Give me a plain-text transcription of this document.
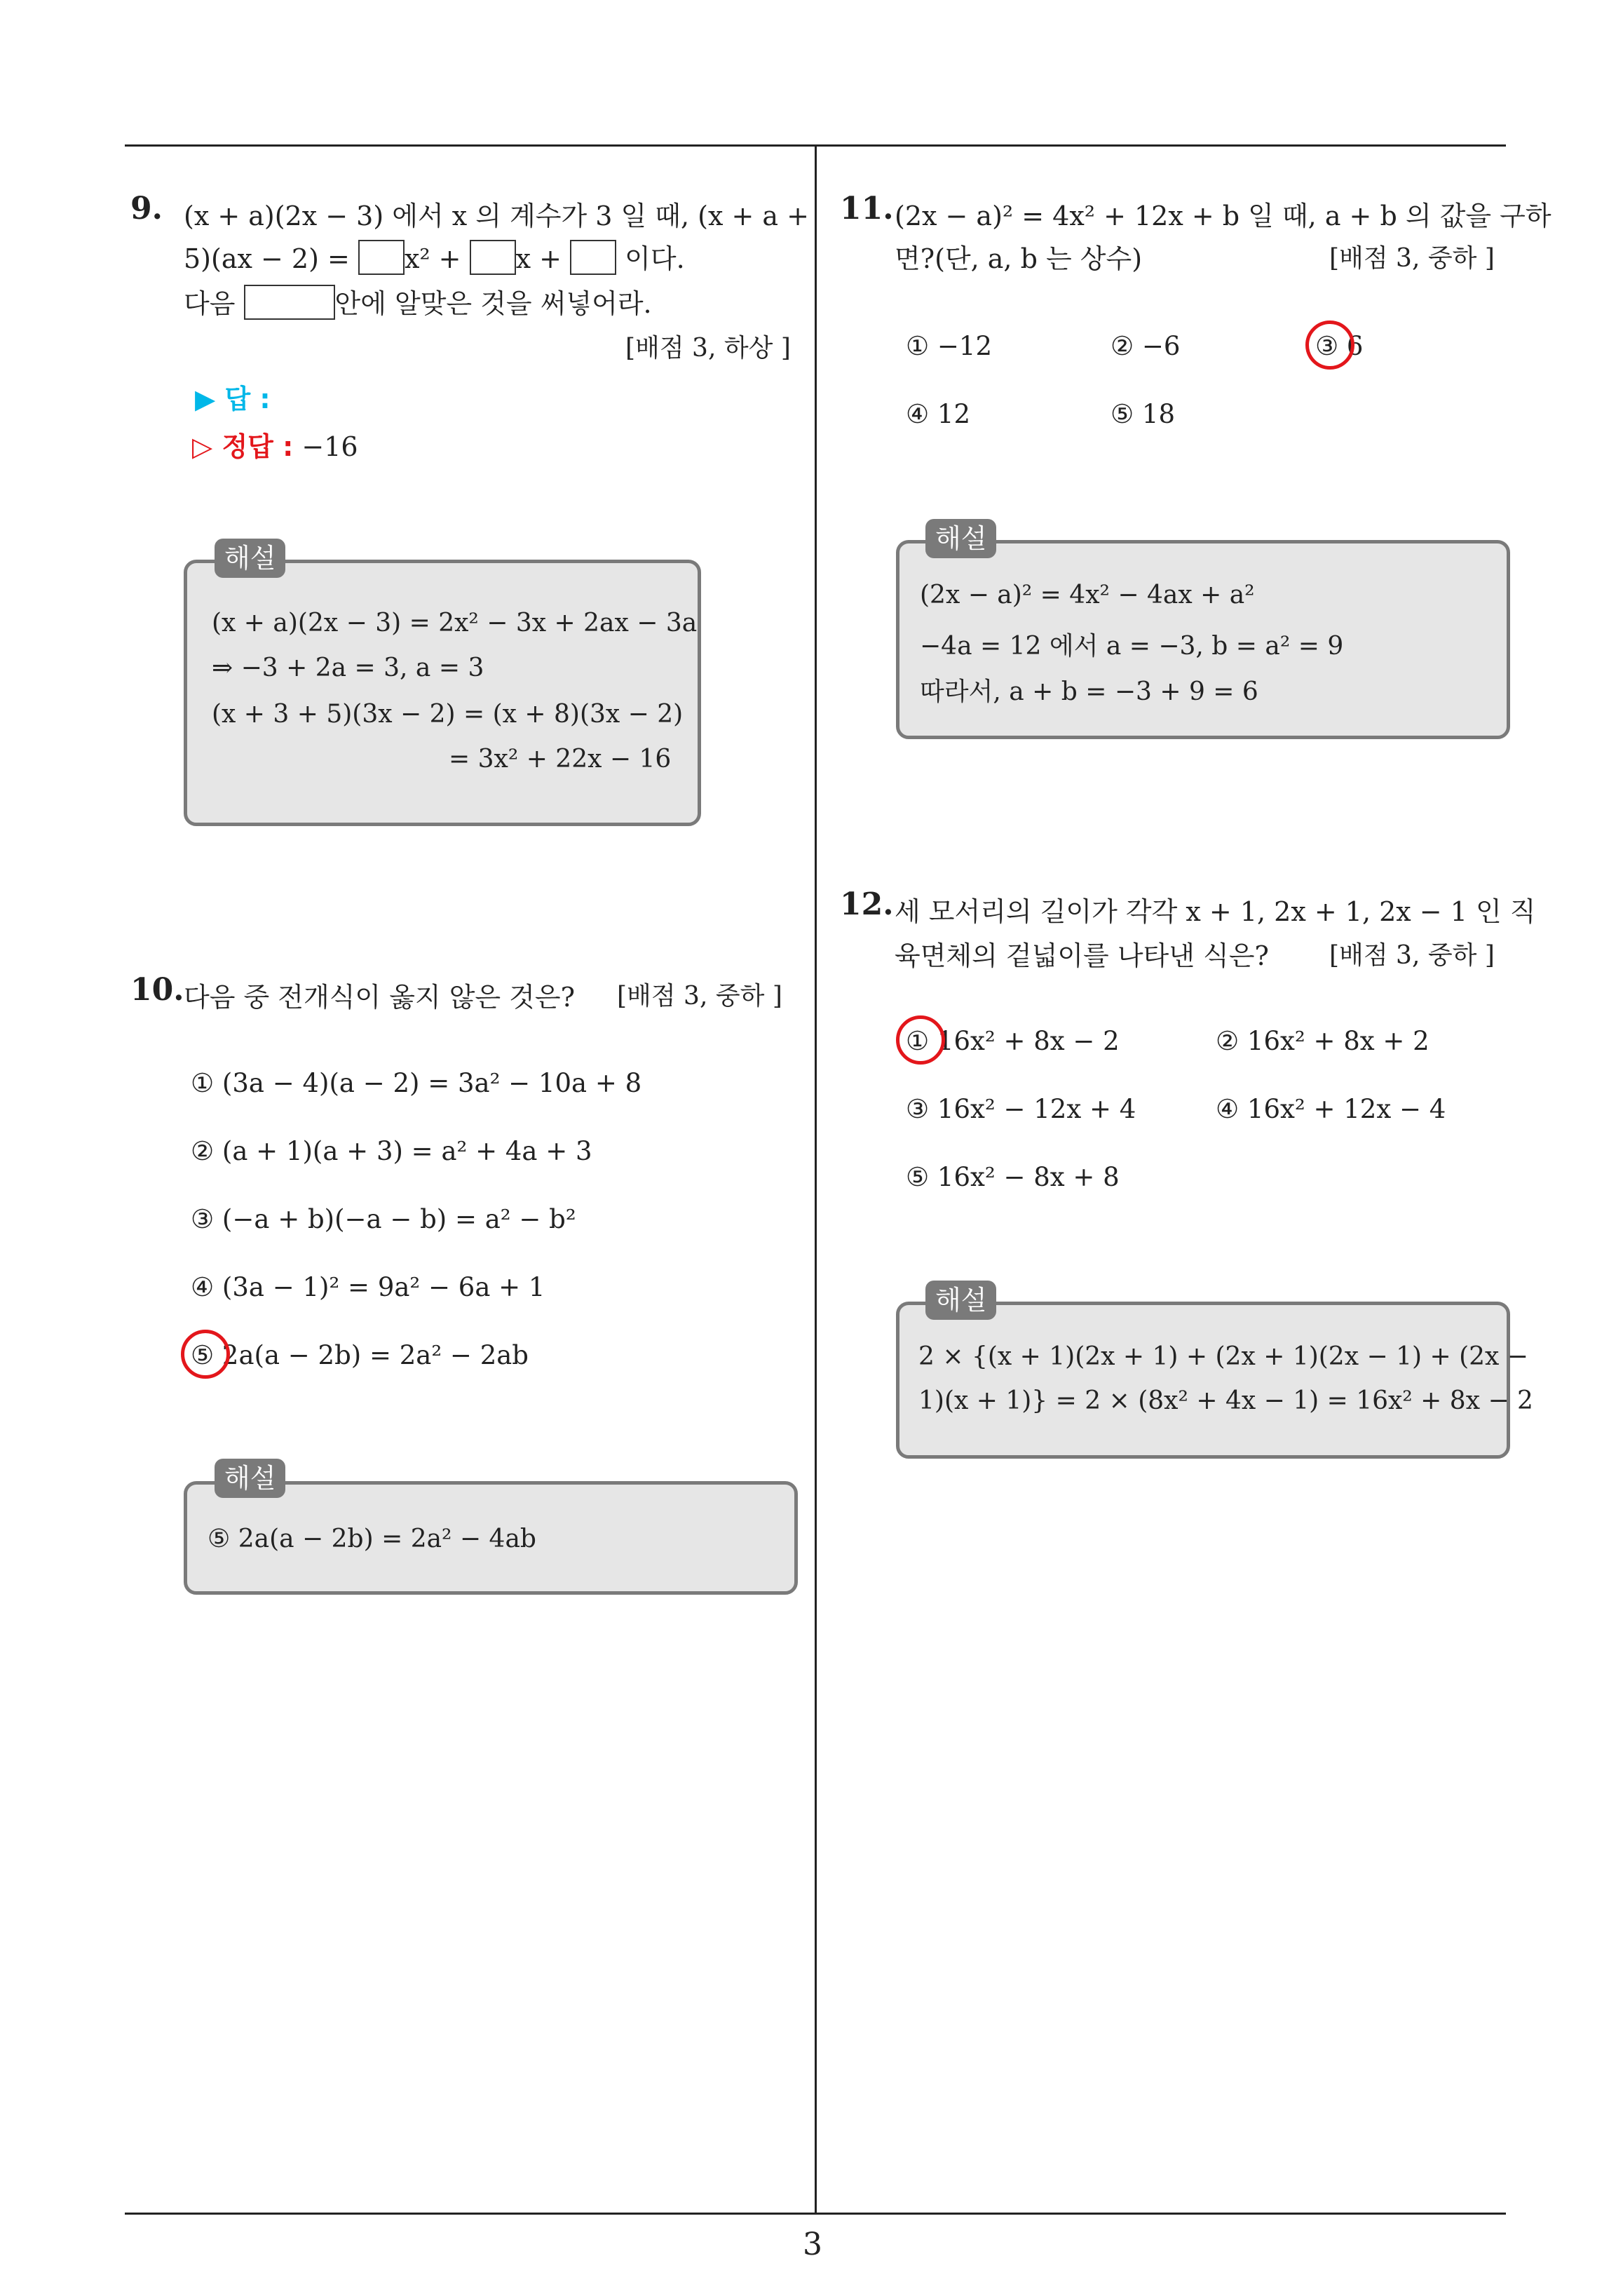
3
9. (x + a)(2x − 3) 에서 x 의 계수가 3 일 때, (x + a +
5)(ax − 2) = x² + x + 이다.
다음	안에 알맞은 것을 써넣어라.
[배점 3, 하상 ]
▶ 답 :
▷ 정답 : −16
해설
(x + a)(2x − 3) = 2x² − 3x + 2ax − 3a
⇒ −3 + 2a = 3, a = 3
(x + 3 + 5)(3x − 2) = (x + 8)(3x − 2)
= 3x² + 22x − 16
10. 다음 중 전개식이 옳지 않은 것은? [배점 3, 중하 ]
① (3a − 4)(a − 2) = 3a² − 10a + 8
② (a + 1)(a + 3) = a² + 4a + 3
③ (−a + b)(−a − b) = a² − b²
④ (3a − 1)² = 9a² − 6a + 1
⑤ 2a(a − 2b) = 2a² − 2ab
해설
⑤ 2a(a − 2b) = 2a² − 4ab
11. (2x − a)² = 4x² + 12x + b 일 때, a + b 의 값을 구하
면?(단, a, b 는 상수)	[배점 3, 중하 ]
① −12	② −6	③ 6
④ 12	⑤ 18
해설
(2x − a)² = 4x² − 4ax + a²
−4a = 12 에서 a = −3, b = a² = 9
따라서, a + b = −3 + 9 = 6
12. 세 모서리의 길이가 각각 x + 1, 2x + 1, 2x − 1 인 직
육면체의 겉넓이를 나타낸 식은? [배점 3, 중하 ]
① 16x² + 8x − 2	② 16x² + 8x + 2
③ 16x² − 12x + 4	④ 16x² + 12x − 4
⑤ 16x² − 8x + 8
해설
2 × {(x + 1)(2x + 1) + (2x + 1)(2x − 1) + (2x −
1)(x + 1)} = 2 × (8x² + 4x − 1) = 16x² + 8x − 2
